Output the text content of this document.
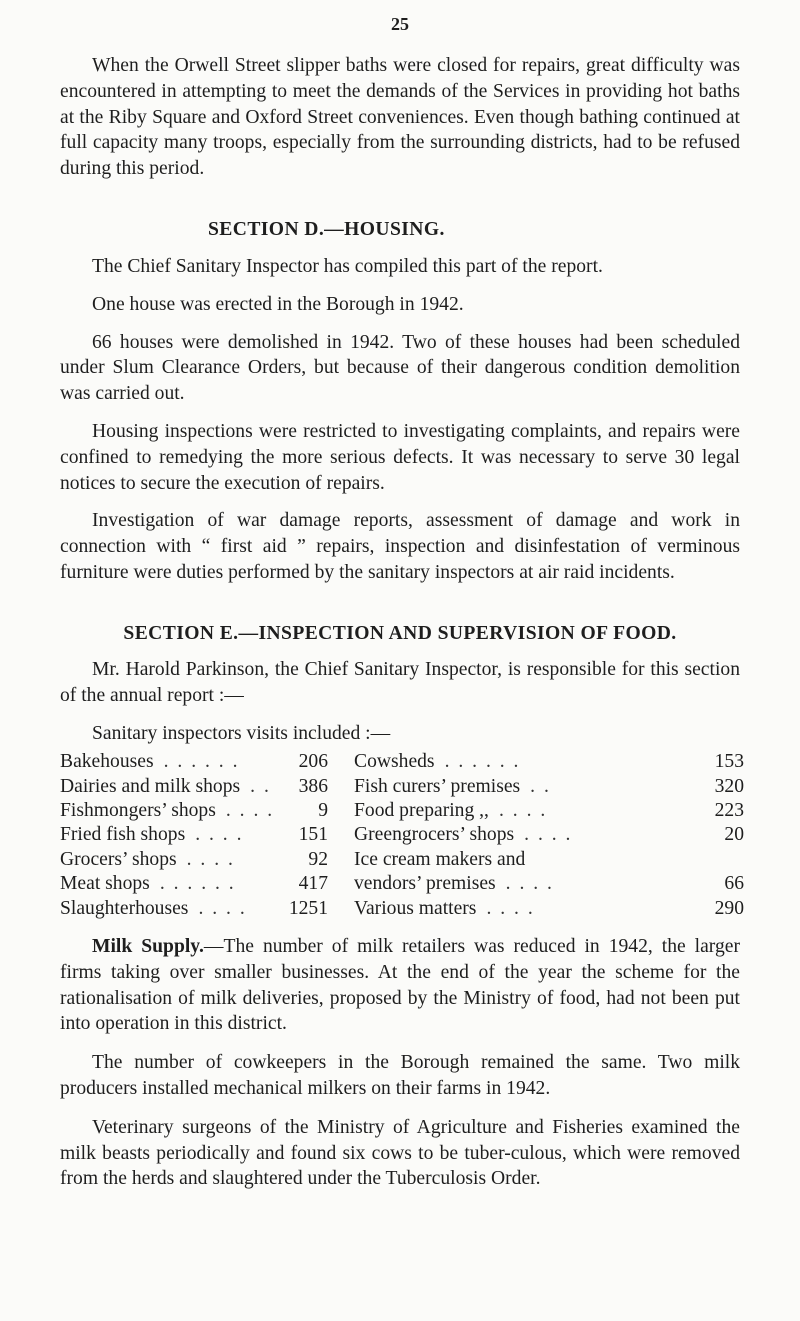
25

When the Orwell Street slipper baths were closed for repairs, great difficulty was encountered in attempting to meet the demands of the Services in providing hot baths at the Riby Square and Oxford Street conveniences. Even though bathing continued at full capacity many troops, especially from the surrounding districts, had to be refused during this period.

SECTION D.—HOUSING.

The Chief Sanitary Inspector has compiled this part of the report.

One house was erected in the Borough in 1942.

66 houses were demolished in 1942. Two of these houses had been scheduled under Slum Clearance Orders, but because of their dangerous condition demolition was carried out.

Housing inspections were restricted to investigating complaints, and repairs were confined to remedying the more serious defects. It was necessary to serve 30 legal notices to secure the execution of repairs.

Investigation of war damage reports, assessment of damage and work in connection with “ first aid ” repairs, inspection and disinfestation of verminous furniture were duties performed by the sanitary inspectors at air raid incidents.

SECTION E.—INSPECTION AND SUPERVISION OF FOOD.

Mr. Harold Parkinson, the Chief Sanitary Inspector, is responsible for this section of the annual report :—

Sanitary inspectors visits included :—

Bakehouses . . . . . .	206		Cowsheds . . . . . .	153
Dairies and milk shops . .	386		Fish curers’ premises . .	320
Fishmongers’ shops . . . .	9		Food preparing ,, . . . .	223
Fried fish shops . . . .	151		Greengrocers’ shops . . . .	20
Grocers’ shops . . . .	92		Ice cream makers and	
Meat shops . . . . . .	417		vendors’ premises . . . .	66
Slaughterhouses . . . .	1251		Various matters . . . .	290

Milk Supply.—The number of milk retailers was reduced in 1942, the larger firms taking over smaller businesses. At the end of the year the scheme for the rationalisation of milk deliveries, proposed by the Ministry of food, had not been put into operation in this district.

The number of cowkeepers in the Borough remained the same. Two milk producers installed mechanical milkers on their farms in 1942.

Veterinary surgeons of the Ministry of Agriculture and Fisheries examined the milk beasts periodically and found six cows to be tuber-culous, which were removed from the herds and slaughtered under the Tuberculosis Order.
